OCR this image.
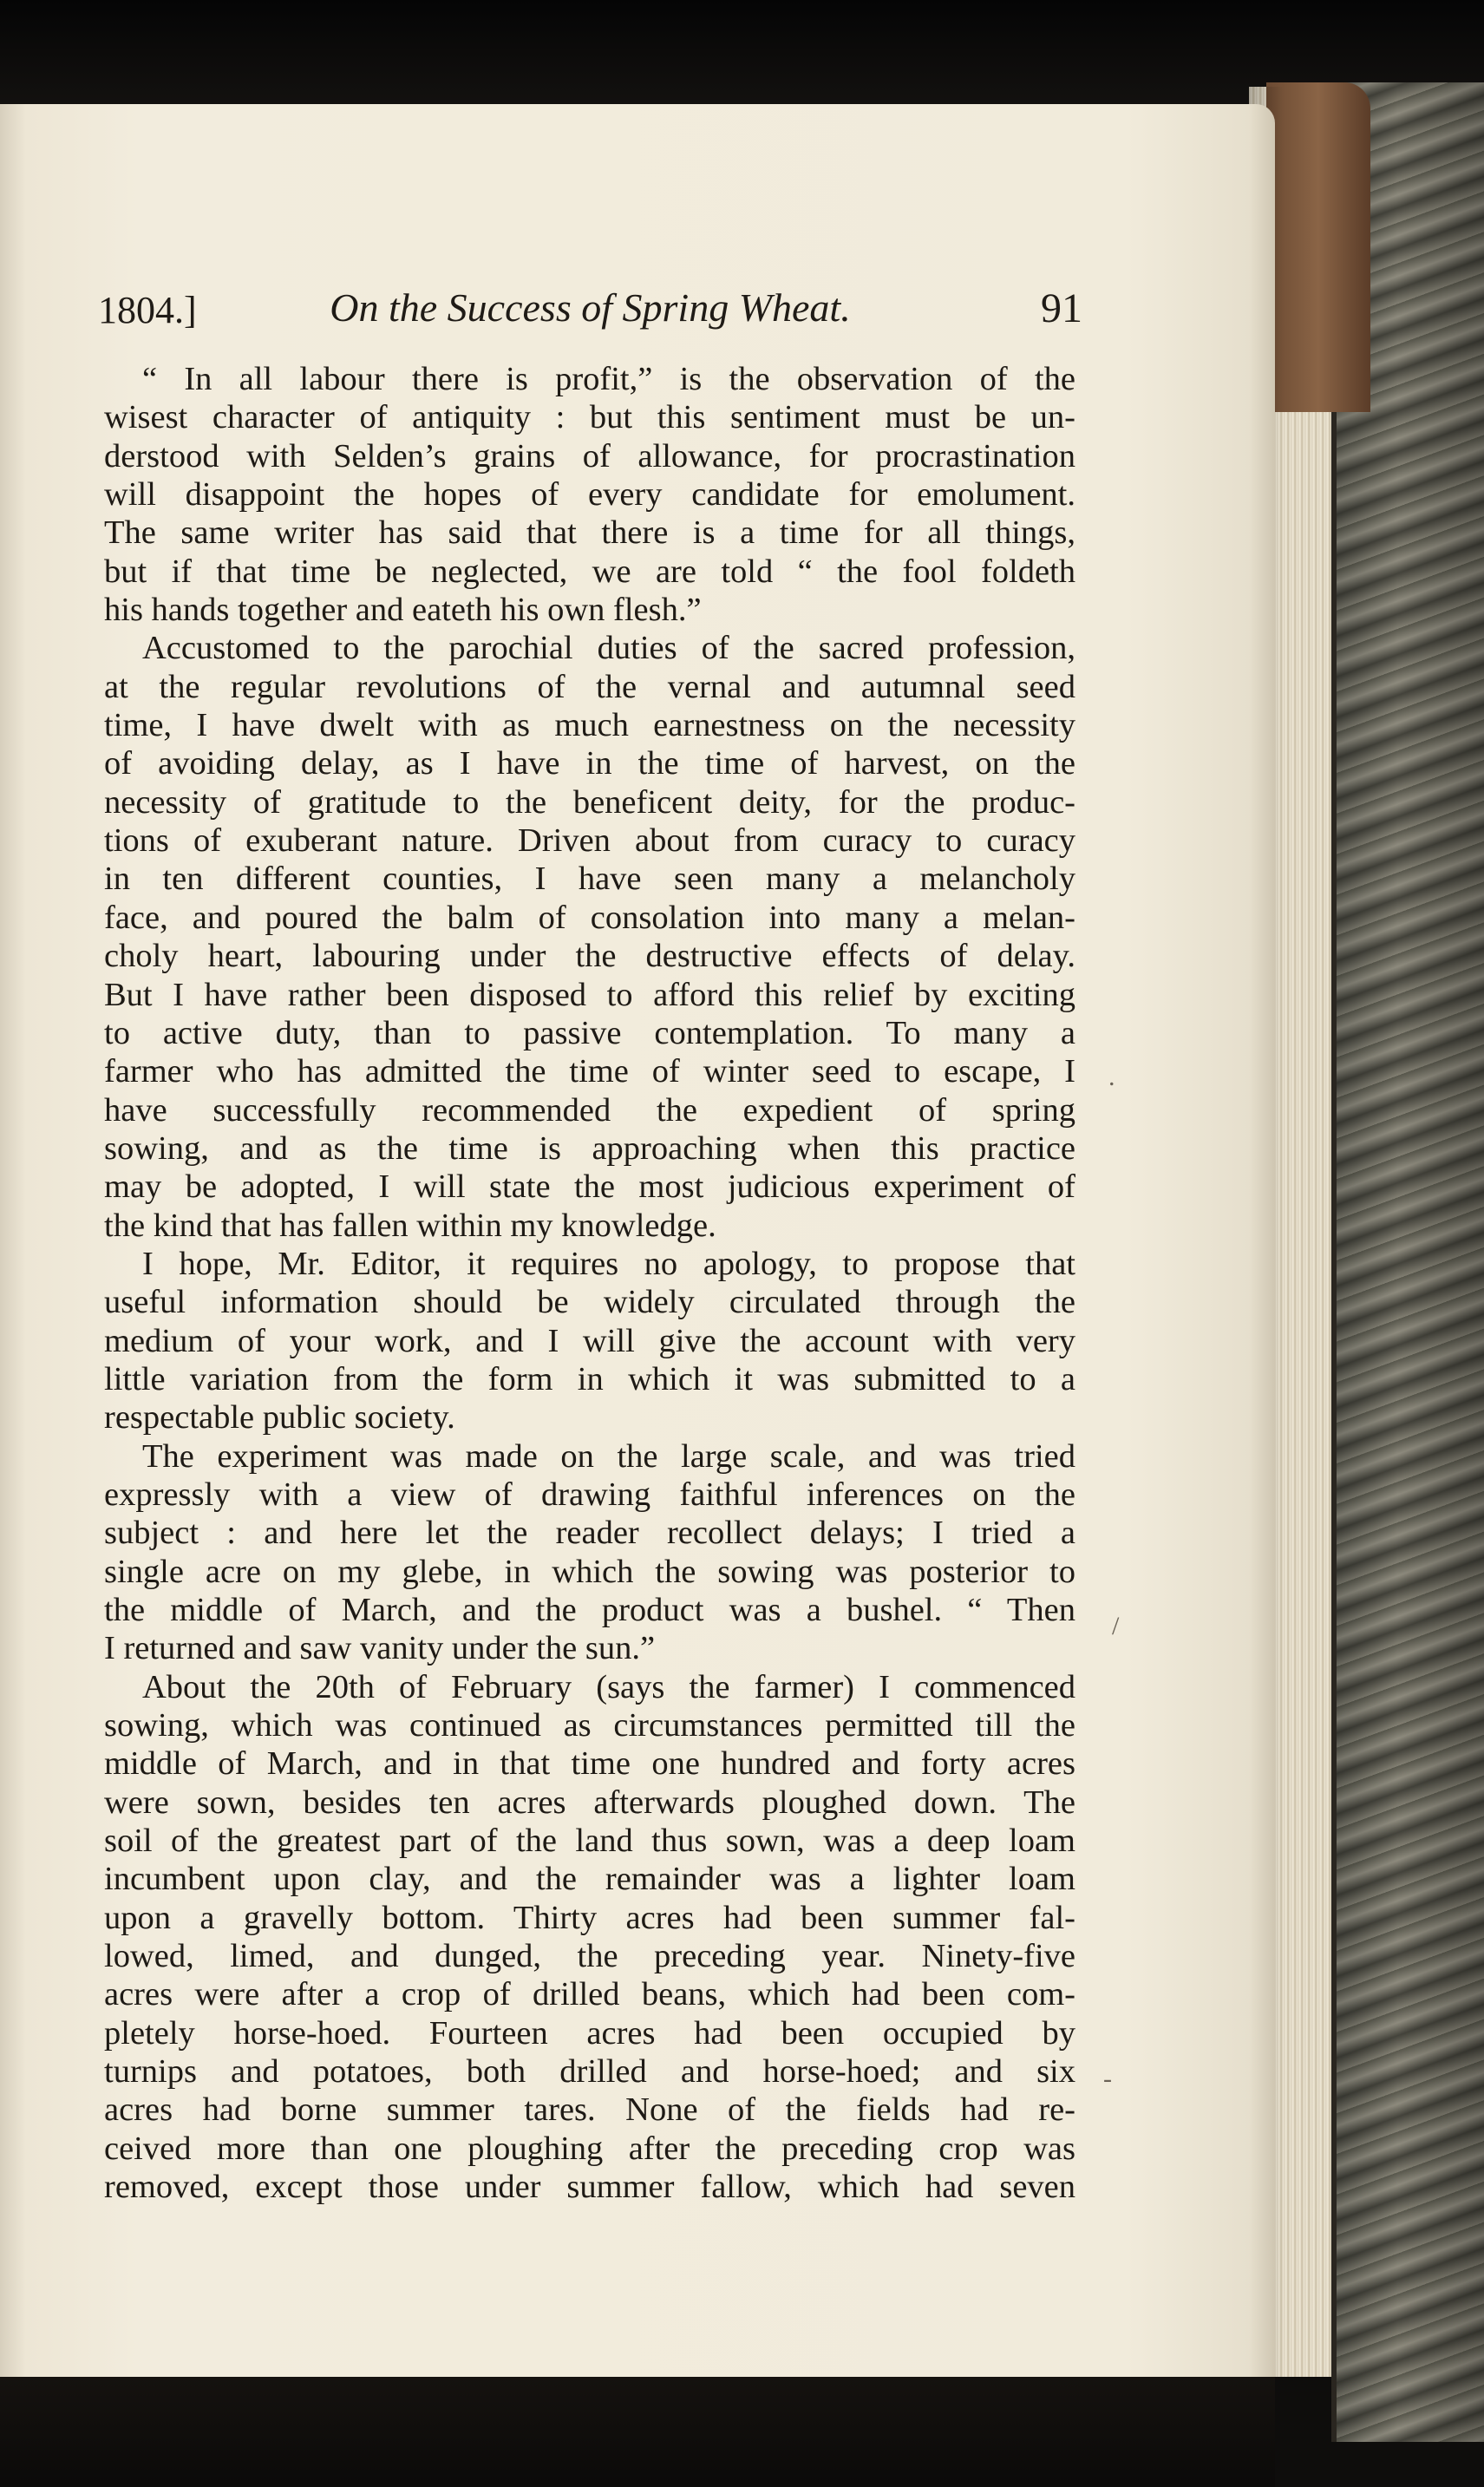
1804.]	On the Success of Spring Wheat.	91
“ In all labour there is profit,” is the observation of the
wisest character of antiquity : but this sentiment must be un-
derstood with Selden’s grains of allowance, for procrastination
will disappoint the hopes of every candidate for emolument.
The same writer has said that there is a time for all things,
but if that time be neglected, we are told “ the fool foldeth
his hands together and eateth his own flesh.”
Accustomed to the parochial duties of the sacred profession,
at the regular revolutions of the vernal and autumnal seed
time, I have dwelt with as much earnestness on the necessity
of avoiding delay, as I have in the time of harvest, on the
necessity of gratitude to the beneficent deity, for the produc-
tions of exuberant nature. Driven about from curacy to curacy
in ten different counties, I have seen many a melancholy
face, and poured the balm of consolation into many a melan-
choly heart, labouring under the destructive effects of delay.
But I have rather been disposed to afford this relief by exciting
to active duty, than to passive contemplation. To many a
farmer who has admitted the time of winter seed to escape, I
have successfully recommended the expedient of spring
sowing, and as the time is approaching when this practice
may be adopted, I will state the most judicious experiment of
the kind that has fallen within my knowledge.
I hope, Mr. Editor, it requires no apology, to propose that
useful information should be widely circulated through the
medium of your work, and I will give the account with very
little variation from the form in which it was submitted to a
respectable public society.
The experiment was made on the large scale, and was tried
expressly with a view of drawing faithful inferences on the
subject : and here let the reader recollect delays; I tried a
single acre on my glebe, in which the sowing was posterior to
the middle of March, and the product was a bushel. “ Then
I returned and saw vanity under the sun.”
About the 20th of February (says the farmer) I commenced
sowing, which was continued as circumstances permitted till the
middle of March, and in that time one hundred and forty acres
were sown, besides ten acres afterwards ploughed down. The
soil of the greatest part of the land thus sown, was a deep loam
incumbent upon clay, and the remainder was a lighter loam
upon a gravelly bottom. Thirty acres had been summer fal-
lowed, limed, and dunged, the preceding year. Ninety-five
acres were after a crop of drilled beans, which had been com-
pletely horse-hoed. Fourteen acres had been occupied by
turnips and potatoes, both drilled and horse-hoed; and six
acres had borne summer tares. None of the fields had re-
ceived more than one ploughing after the preceding crop was
removed, except those under summer fallow, which had seven
.
/
-
